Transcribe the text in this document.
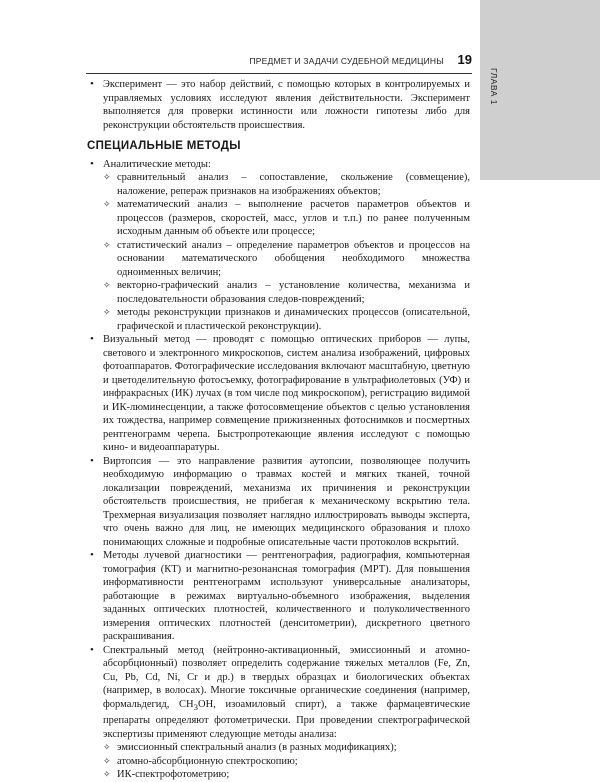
ГЛАВА 1
ПРЕДМЕТ И ЗАДАЧИ СУДЕБНОЙ МЕДИЦИНЫ 19
• Эксперимент — это набор действий, с помощью которых в контролируемых и управляемых условиях исследуют явления действительности. Эксперимент выполняется для проверки истинности или ложности гипотезы либо для реконструкции обстоятельств происшествия.

СПЕЦИАЛЬНЫЕ МЕТОДЫ
• Аналитические методы:

✧ сравнительный анализ – сопоставление, скольжение (совмещение), наложение, репераж признаков на изображениях объектов;
✧ математический анализ – выполнение расчетов параметров объектов и процессов (размеров, скоростей, масс, углов и т.п.) по ранее полученным исходным данным об объекте или процессе;
✧ статистический анализ – определение параметров объектов и процессов на основании математического обобщения необходимого множества одноименных величин;
✧ векторно-графический анализ – установление количества, механизма и последовательности образования следов-повреждений;
✧ методы реконструкции признаков и динамических процессов (описательной, графической и пластической реконструкции).
• Визуальный метод — проводят с помощью оптических приборов — лупы, светового и электронного микроскопов, систем анализа изображений, цифровых фотоаппаратов. Фотографические исследования включают масштабную, цветную и цветоделительную фотосъемку, фотографирование в ультрафиолетовых (УФ) и инфракрасных (ИК) лучах (в том числе под микроскопом), регистрацию видимой и ИК-люминесценции, а также фотосовмещение объектов с целью установления их тождества, например совмещение прижизненных фотоснимков и посмертных рентгенограмм черепа. Быстропротекающие явления исследуют с помощью кино- и видеоаппаратуры.

• Виртопсия — это направление развития аутопсии, позволяющее получить необходимую информацию о травмах костей и мягких тканей, точной локализации повреждений, механизма их причинения и реконструкции обстоятельств происшествия, не прибегая к механическому вскрытию тела. Трехмерная визуализация позволяет наглядно иллюстрировать выводы эксперта, что очень важно для лиц, не имеющих медицинского образования и плохо понимающих сложные и подробные описательные части протоколов вскрытий.

• Методы лучевой диагностики — рентгенография, радиография, компьютерная томография (КТ) и магнитно-резонансная томография (МРТ). Для повышения информативности рентгенограмм используют универсальные анализаторы, работающие в режимах виртуально-объемного изображения, выделения заданных оптических плотностей, количественного и полуколичественного измерения оптических плотностей (денситометрии), дискретного цветного раскрашивания.

• Спектральный метод (нейтронно-активационный, эмиссионный и атомно-абсорбционный) позволяет определить содержание тяжелых металлов (Fe, Zn, Cu, Pb, Cd, Ni, Cr и др.) в твердых образцах и биологических объектах (например, в волосах). Многие токсичные органические соединения (например, формальдегид, $CH_3OH$, изоамиловый спирт), а также фармацевтические препараты определяют фотометрически. При проведении спектрографической экспертизы применяют следующие методы анализа:

✧ эмиссионный спектральный анализ (в разных модификациях);
✧ атомно-абсорбционную спектроскопию;
✧ ИК-спектрофотометрию;
